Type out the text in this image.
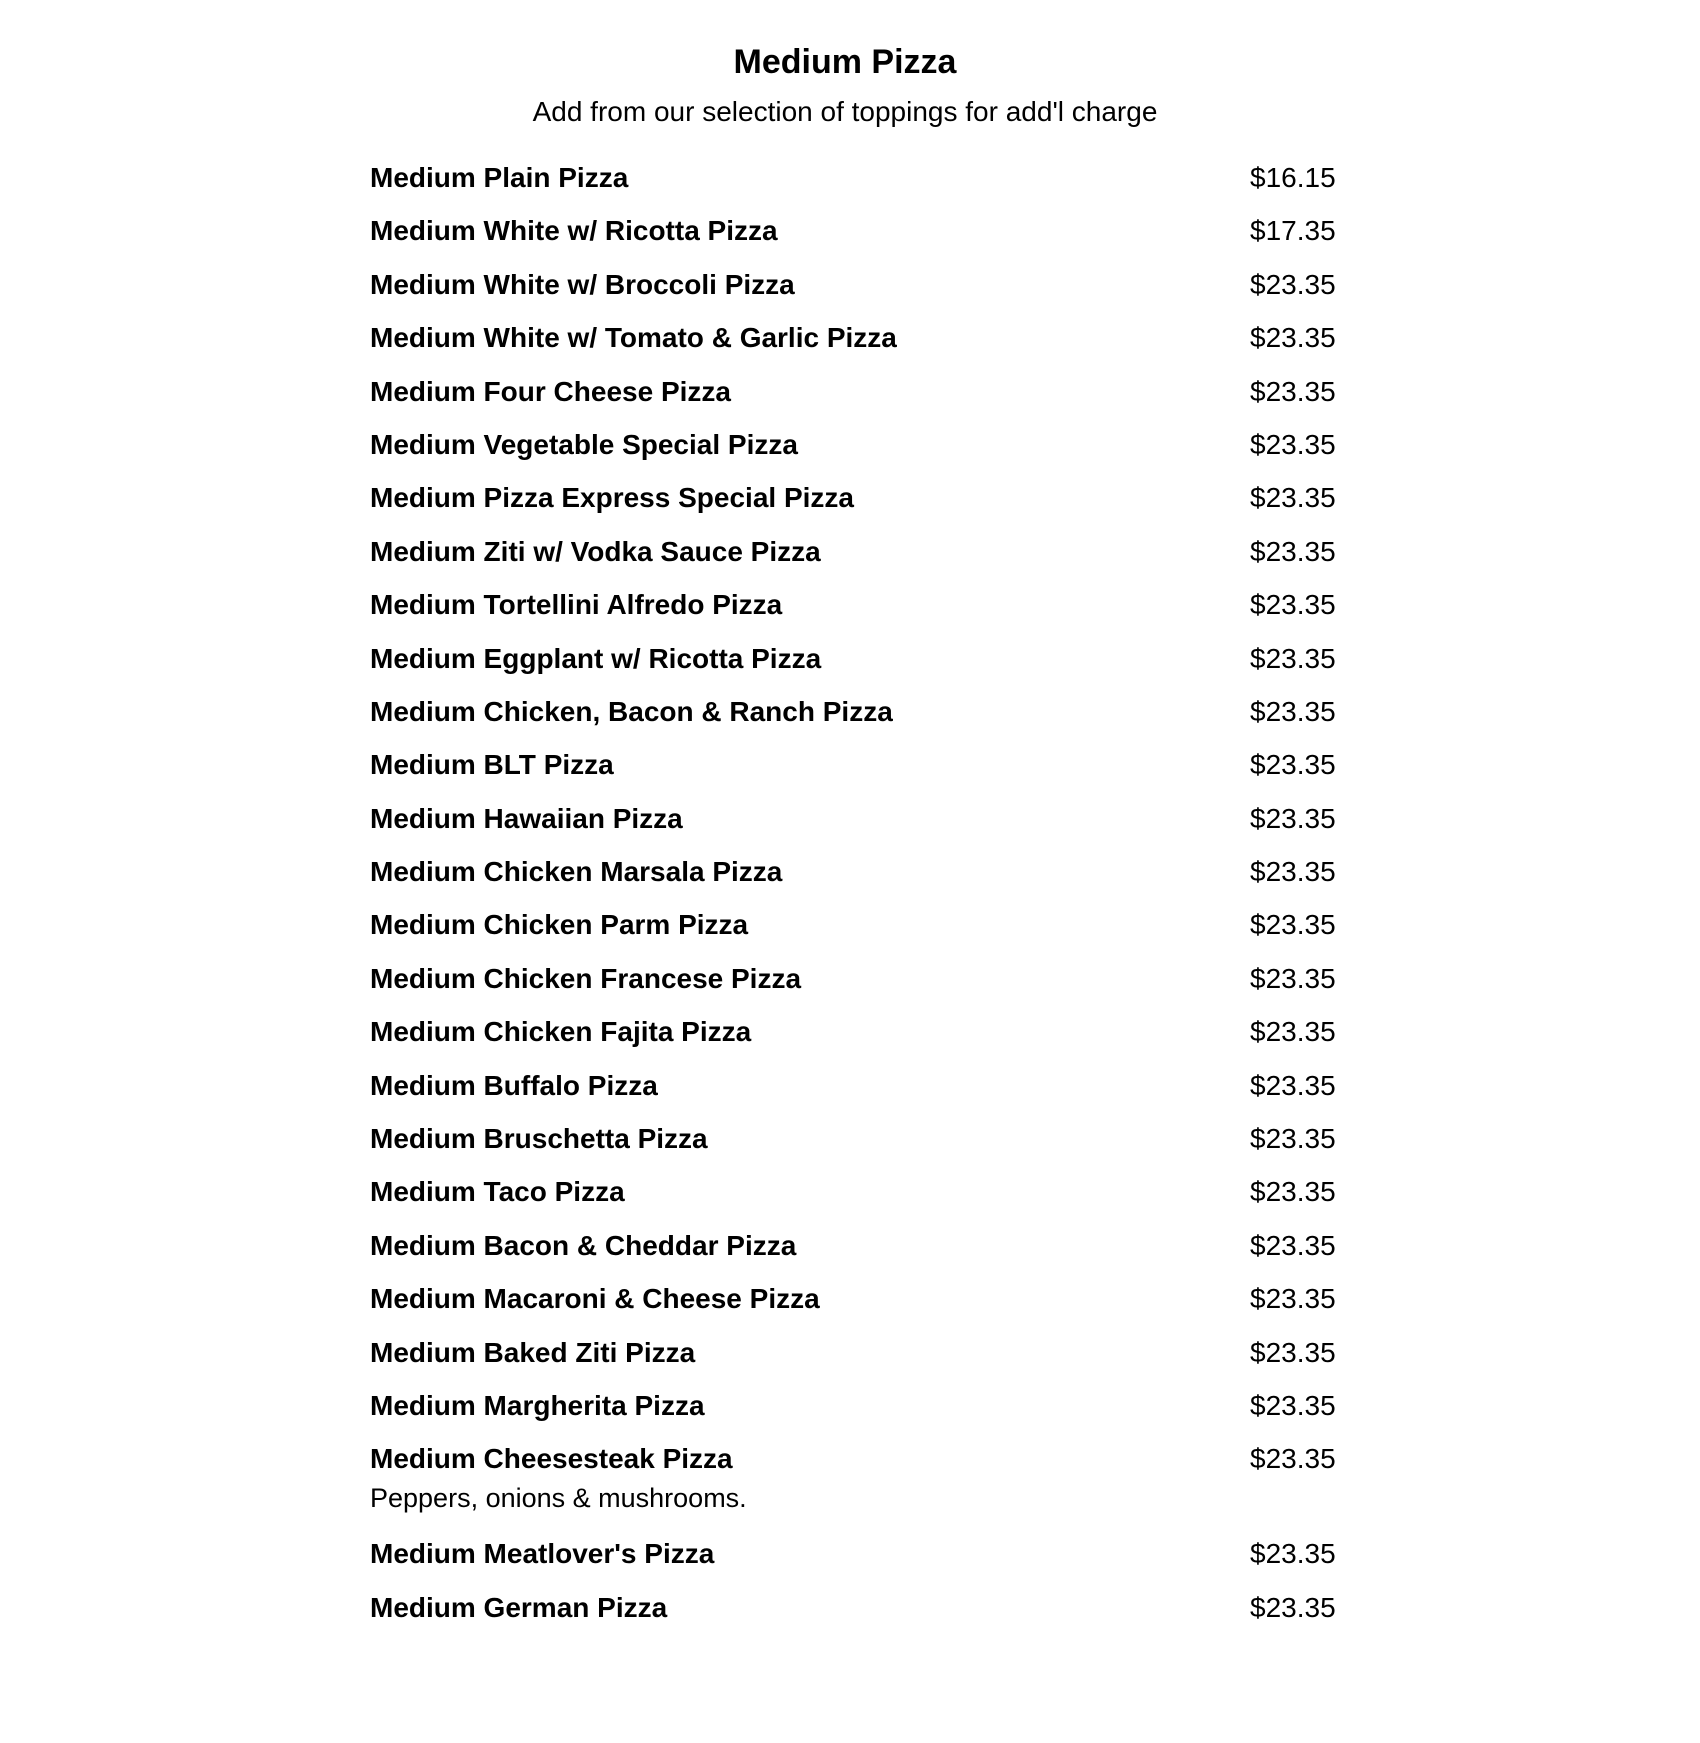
Medium Pizza

Add from our selection of toppings for add'l charge

Medium Plain Pizza	$16.15
Medium White w/ Ricotta Pizza	$17.35
Medium White w/ Broccoli Pizza	$23.35
Medium White w/ Tomato & Garlic Pizza	$23.35
Medium Four Cheese Pizza	$23.35
Medium Vegetable Special Pizza	$23.35
Medium Pizza Express Special Pizza	$23.35
Medium Ziti w/ Vodka Sauce Pizza	$23.35
Medium Tortellini Alfredo Pizza	$23.35
Medium Eggplant w/ Ricotta Pizza	$23.35
Medium Chicken, Bacon & Ranch Pizza	$23.35
Medium BLT Pizza	$23.35
Medium Hawaiian Pizza	$23.35
Medium Chicken Marsala Pizza	$23.35
Medium Chicken Parm Pizza	$23.35
Medium Chicken Francese Pizza	$23.35
Medium Chicken Fajita Pizza	$23.35
Medium Buffalo Pizza	$23.35
Medium Bruschetta Pizza	$23.35
Medium Taco Pizza	$23.35
Medium Bacon & Cheddar Pizza	$23.35
Medium Macaroni & Cheese Pizza	$23.35
Medium Baked Ziti Pizza	$23.35
Medium Margherita Pizza	$23.35
Medium Cheesesteak Pizza	$23.35
Peppers, onions & mushrooms.
Medium Meatlover's Pizza	$23.35
Medium German Pizza	$23.35
